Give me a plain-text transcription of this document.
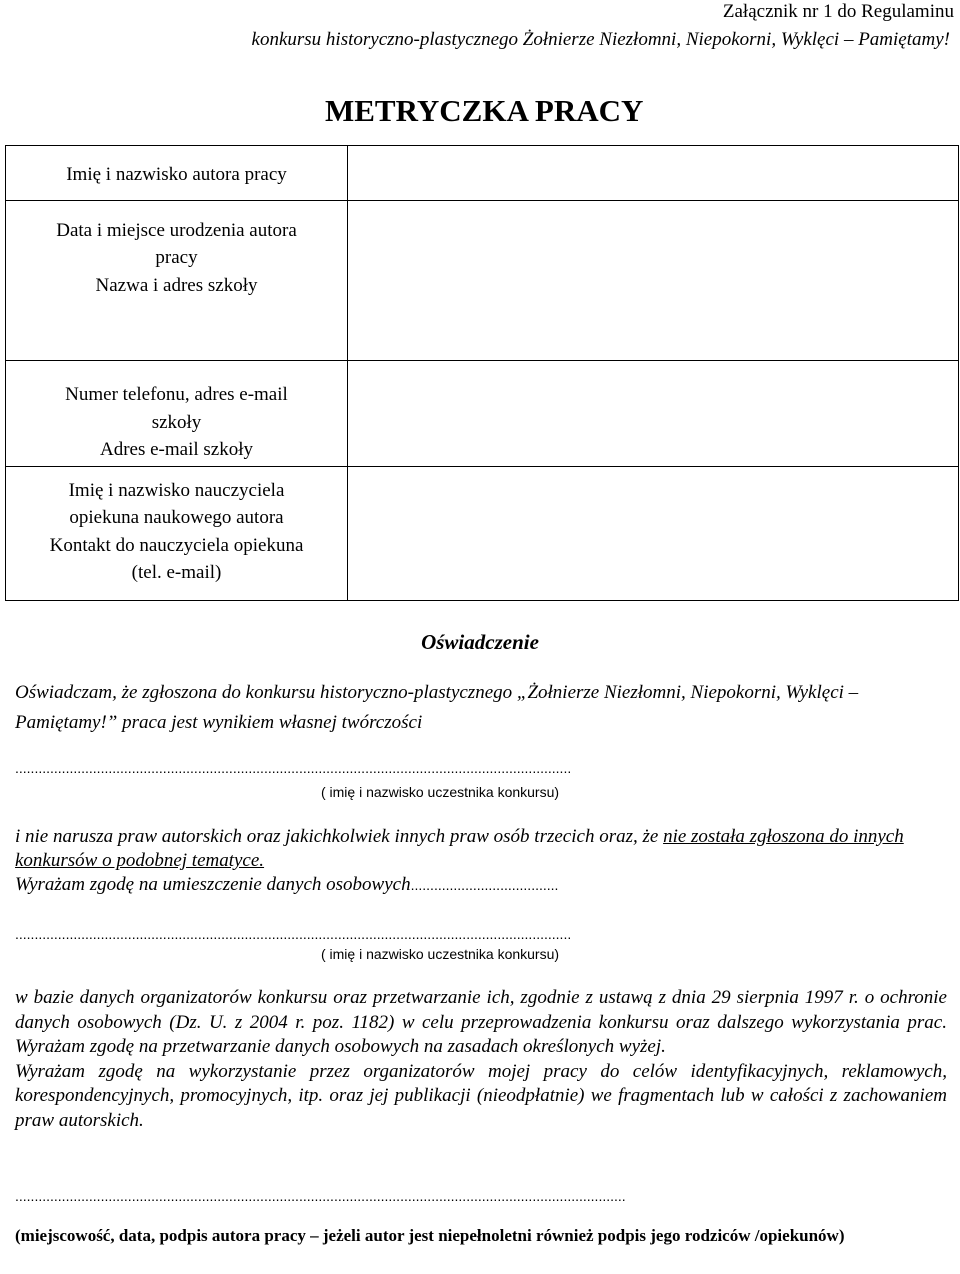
Załącznik nr 1 do Regulaminu
konkursu historyczno-plastycznego Żołnierze Niezłomni, Niepokorni, Wyklęci – Pamiętamy!
METRYCZKA PRACY
Imię i nazwisko autora pracy	

Data i miejsce urodzenia autora
pracy
Nazwa i adres szkoły	

Numer telefonu, adres e-mail
szkoły
Adres e-mail szkoły	

Imię i nazwisko nauczyciela
opiekuna naukowego autora
Kontakt do nauczyciela opiekuna
(tel. e-mail)	

Oświadczenie
Oświadczam, że zgłoszona do konkursu historyczno-plastycznego „Żołnierze Niezłomni, Niepokorni, Wyklęci – Pamiętamy!” praca jest wynikiem własnej twórczości
...............................................................................................................................................
( imię i nazwisko uczestnika konkursu)
i nie narusza praw autorskich oraz jakichkolwiek innych praw osób trzecich oraz, że nie została zgłoszona do innych konkursów o podobnej tematyce.
Wyrażam zgodę na umieszczenie danych osobowych......................................
...............................................................................................................................................
( imię i nazwisko uczestnika konkursu)
w bazie danych organizatorów konkursu oraz przetwarzanie ich, zgodnie z ustawą z dnia 29 sierpnia 1997 r. o ochronie danych osobowych (Dz. U. z 2004 r. poz. 1182) w celu przeprowadzenia konkursu oraz dalszego wykorzystania prac. Wyrażam zgodę na przetwarzanie danych osobowych na zasadach określonych wyżej.
Wyrażam zgodę na wykorzystanie przez organizatorów mojej pracy do celów identyfikacyjnych, reklamowych, korespondencyjnych, promocyjnych, itp. oraz jej publikacji (nieodpłatnie) we fragmentach lub w całości z zachowaniem praw autorskich.
.............................................................................................................................................................
(miejscowość, data, podpis autora pracy – jeżeli autor jest niepełnoletni również podpis jego rodziców /opiekunów)
